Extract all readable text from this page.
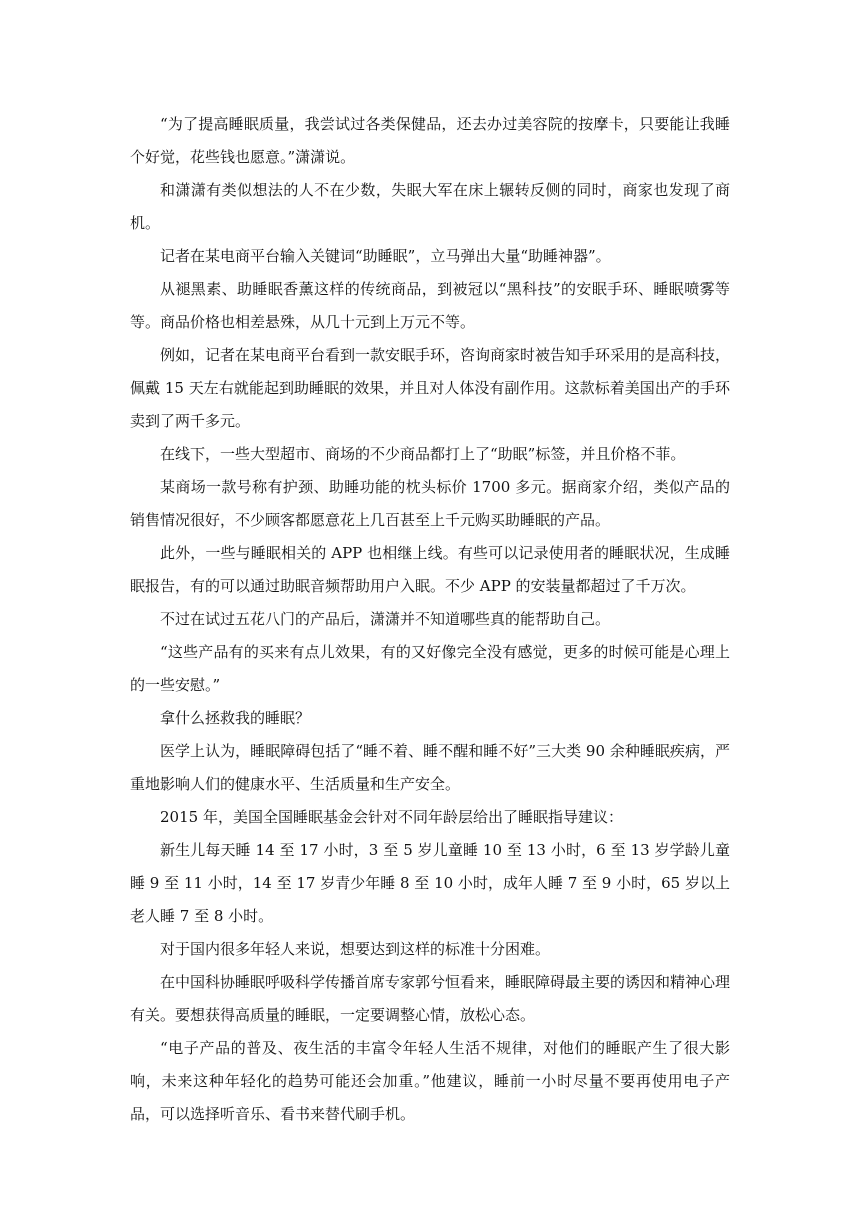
“为了提高睡眠质量，我尝试过各类保健品，还去办过美容院的按摩卡，只要能让我睡个好觉，花些钱也愿意。”潇潇说。

和潇潇有类似想法的人不在少数，失眠大军在床上辗转反侧的同时，商家也发现了商机。

记者在某电商平台输入关键词“助睡眠”，立马弹出大量“助睡神器”。

从褪黑素、助睡眠香薰这样的传统商品，到被冠以“黑科技”的安眠手环、睡眠喷雾等等。商品价格也相差悬殊，从几十元到上万元不等。

例如，记者在某电商平台看到一款安眠手环，咨询商家时被告知手环采用的是高科技，佩戴 15 天左右就能起到助睡眠的效果，并且对人体没有副作用。这款标着美国出产的手环卖到了两千多元。

在线下，一些大型超市、商场的不少商品都打上了“助眠”标签，并且价格不菲。

某商场一款号称有护颈、助睡功能的枕头标价 1700 多元。据商家介绍，类似产品的销售情况很好，不少顾客都愿意花上几百甚至上千元购买助睡眠的产品。

此外，一些与睡眠相关的 APP 也相继上线。有些可以记录使用者的睡眠状况，生成睡眠报告，有的可以通过助眠音频帮助用户入眠。不少 APP 的安装量都超过了千万次。

不过在试过五花八门的产品后，潇潇并不知道哪些真的能帮助自己。

“这些产品有的买来有点儿效果，有的又好像完全没有感觉，更多的时候可能是心理上的一些安慰。”

拿什么拯救我的睡眠？

医学上认为，睡眠障碍包括了“睡不着、睡不醒和睡不好”三大类 90 余种睡眠疾病，严重地影响人们的健康水平、生活质量和生产安全。

2015 年，美国全国睡眠基金会针对不同年龄层给出了睡眠指导建议：

新生儿每天睡 14 至 17 小时，3 至 5 岁儿童睡 10 至 13 小时，6 至 13 岁学龄儿童睡 9 至 11 小时，14 至 17 岁青少年睡 8 至 10 小时，成年人睡 7 至 9 小时，65 岁以上老人睡 7 至 8 小时。

对于国内很多年轻人来说，想要达到这样的标准十分困难。

在中国科协睡眠呼吸科学传播首席专家郭兮恒看来，睡眠障碍最主要的诱因和精神心理有关。要想获得高质量的睡眠，一定要调整心情，放松心态。

“电子产品的普及、夜生活的丰富令年轻人生活不规律，对他们的睡眠产生了很大影响，未来这种年轻化的趋势可能还会加重。”他建议，睡前一小时尽量不要再使用电子产品，可以选择听音乐、看书来替代刷手机。
